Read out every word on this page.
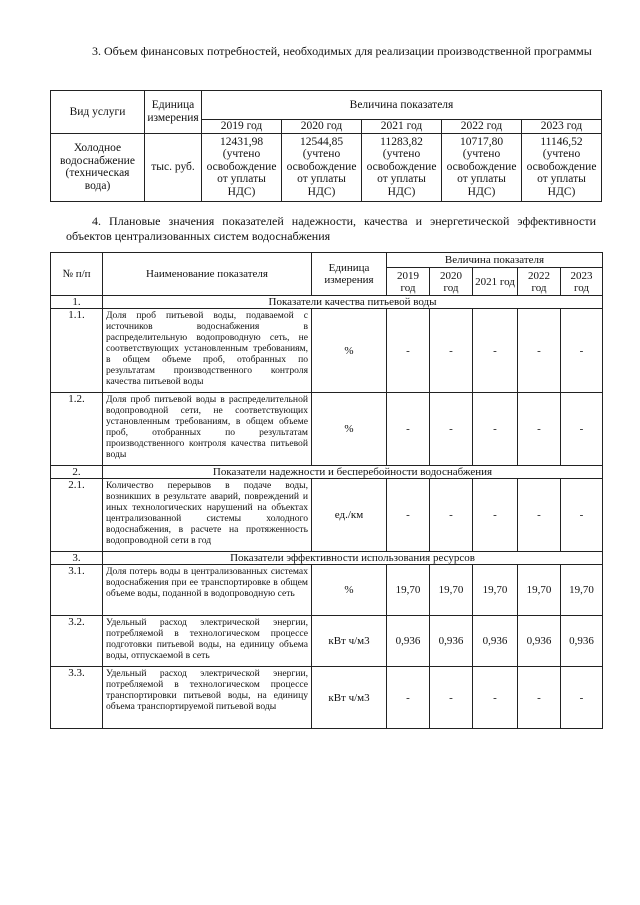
3. Объем финансовых потребностей, необходимых для реализации производственной программы
Вид услуги	Единица измерения	Величина показателя				
		2019 год	2020 год	2021 год	2022 год	2023 год
Холодное водоснабжение (техническая вода)	тыс. руб.	12431,98 (учтено освобождение от уплаты НДС)	12544,85 (учтено освобождение от уплаты НДС)	11283,82 (учтено освобождение от уплаты НДС)	10717,80 (учтено освобождение от уплаты НДС)	11146,52 (учтено освобождение от уплаты НДС)
4. Плановые значения показателей надежности, качества и энергетической эффективности объектов централизованных систем водоснабжения
№ п/п	Наименование показателя	Единица измерения	Величина показателя				
			2019 год	2020 год	2021 год	2022 год	2023 год
1.	Показатели качества питьевой воды						
1.1.	Доля проб питьевой воды, подаваемой с источников водоснабжения в распределительную водопроводную сеть, не соответствующих установленным требованиям, в общем объеме проб, отобранных по результатам производственного контроля качества питьевой воды	%	-	-	-	-	-
1.2.	Доля проб питьевой воды в распределительной водопроводной сети, не соответствующих установленным требованиям, в общем объеме проб, отобранных по результатам производственного контроля качества питьевой воды	%	-	-	-	-	-
2.	Показатели надежности и бесперебойности водоснабжения						
2.1.	Количество перерывов в подаче воды, возникших в результате аварий, повреждений и иных технологических нарушений на объектах централизованной системы холодного водоснабжения, в расчете на протяженность водопроводной сети в год	ед./км	-	-	-	-	-
3.	Показатели эффективности использования ресурсов						
3.1.	Доля потерь воды в централизованных системах водоснабжения при ее транспортировке в общем объеме воды, поданной в водопроводную сеть	%	19,70	19,70	19,70	19,70	19,70
3.2.	Удельный расход электрической энергии, потребляемой в технологическом процессе подготовки питьевой воды, на единицу объема воды, отпускаемой в сеть	кВт ч/м3	0,936	0,936	0,936	0,936	0,936
3.3.	Удельный расход электрической энергии, потребляемой в технологическом процессе транспортировки питьевой воды, на единицу объема транспортируемой питьевой воды	кВт ч/м3	-	-	-	-	-
